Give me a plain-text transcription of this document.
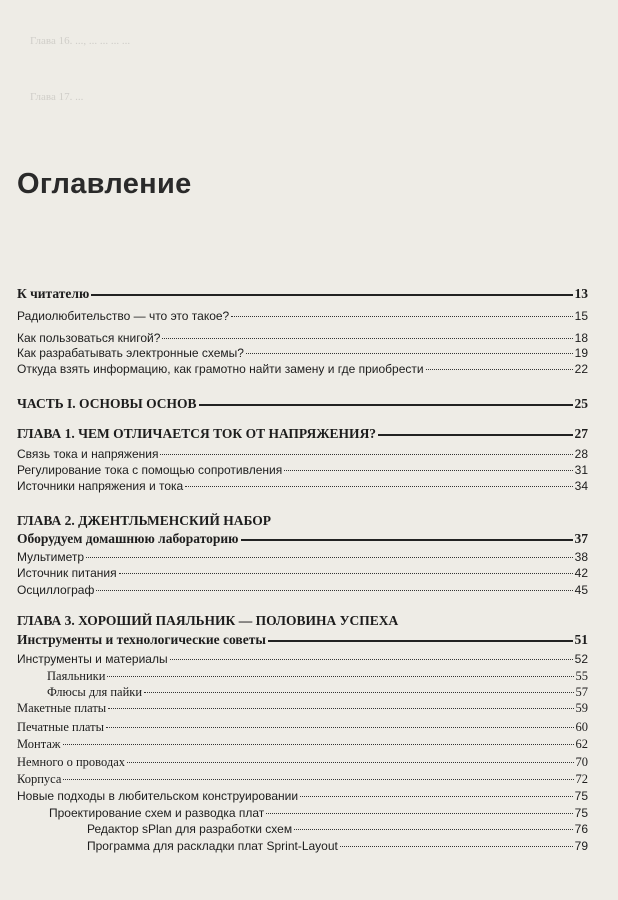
Глава 16. ..., ... ... ... ...
Глава 17. ...
Оглавление
К читателю	13
Радиолюбительство — что это такое?	15
Как пользоваться книгой?	18
Как разрабатывать электронные схемы?	19
Откуда взять информацию, как грамотно найти замену и где приобрести	22
ЧАСТЬ I. ОСНОВЫ ОСНОВ	25
ГЛАВА 1. ЧЕМ ОТЛИЧАЕТСЯ ТОК ОТ НАПРЯЖЕНИЯ?	27
Связь тока и напряжения	28
Регулирование тока с помощью сопротивления	31
Источники напряжения и тока	34
ГЛАВА 2. ДЖЕНТЛЬМЕНСКИЙ НАБОР
Оборудуем домашнюю лабораторию	37
Мультиметр	38
Источник питания	42
Осциллограф	45
ГЛАВА 3. ХОРОШИЙ ПАЯЛЬНИК — ПОЛОВИНА УСПЕХА
Инструменты и технологические советы	51
Инструменты и материалы	52
Паяльники	55
Флюсы для пайки	57
Макетные платы	59
Печатные платы	60
Монтаж	62
Немного о проводах	70
Корпуса	72
Новые подходы в любительском конструировании	75
Проектирование схем и разводка плат	75
Редактор sPlan для разработки схем	76
Программа для раскладки плат Sprint-Layout	79
